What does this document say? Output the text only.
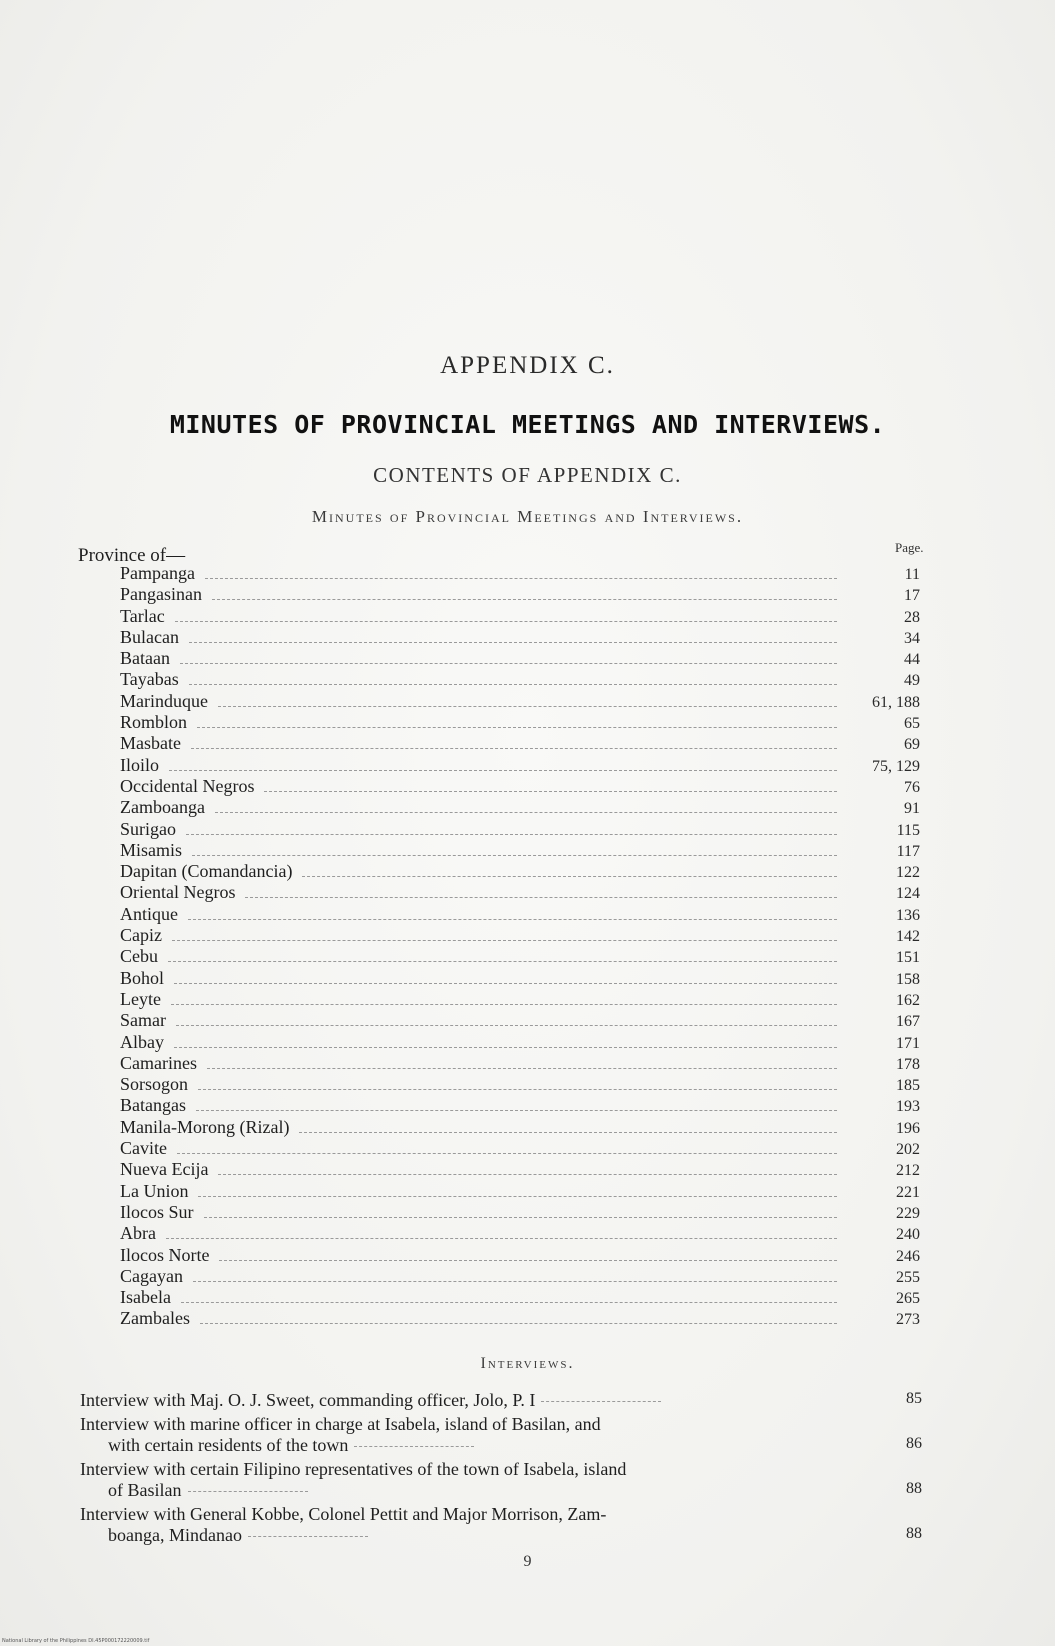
APPENDIX C.
MINUTES OF PROVINCIAL MEETINGS AND INTERVIEWS.
CONTENTS OF APPENDIX C.
Minutes of Provincial Meetings and Interviews.
Province of—	Page.
Pampanga	11
Pangasinan	17
Tarlac	28
Bulacan	34
Bataan	44
Tayabas	49
Marinduque	61, 188
Romblon	65
Masbate	69
Iloilo	75, 129
Occidental Negros	76
Zamboanga	91
Surigao	115
Misamis	117
Dapitan (Comandancia)	122
Oriental Negros	124
Antique	136
Capiz	142
Cebu	151
Bohol	158
Leyte	162
Samar	167
Albay	171
Camarines	178
Sorsogon	185
Batangas	193
Manila-Morong (Rizal)	196
Cavite	202
Nueva Ecija	212
La Union	221
Ilocos Sur	229
Abra	240
Ilocos Norte	246
Cagayan	255
Isabela	265
Zambales	273
Interviews.
Interview with Maj. O. J. Sweet, commanding officer, Jolo, P. I	85
Interview with marine officer in charge at Isabela, island of Basilan, and
with certain residents of the town	86
Interview with certain Filipino representatives of the town of Isabela, island
of Basilan	88
Interview with General Kobbe, Colonel Pettit and Major Morrison, Zam-
boanga, Mindanao	88
9
National Library of the Philippines DI.45P000172220009.tif
